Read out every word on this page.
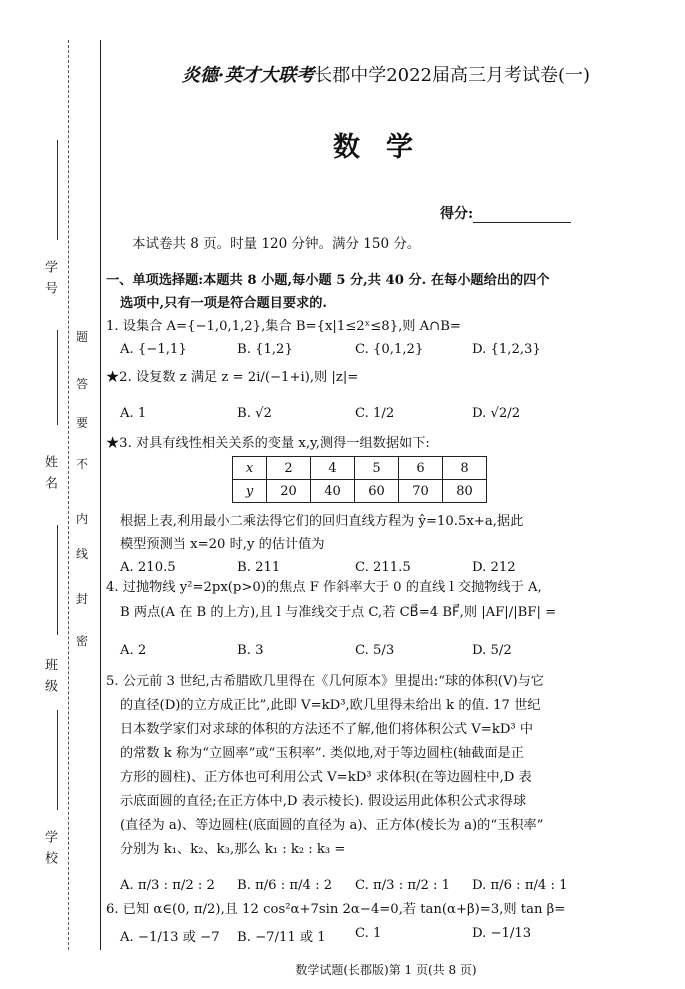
学 号
姓 名
班 级
学 校
题
答
要
不
内
线
封
密
炎德·英才大联考长郡中学2022届高三月考试卷(一)
数学
得分:
本试卷共 8 页。时量 120 分钟。满分 150 分。
一、单项选择题:本题共 8 小题,每小题 5 分,共 40 分. 在每小题给出的四个
选项中,只有一项是符合题目要求的.
1. 设集合 A={−1,0,1,2},集合 B={x|1≤2ˣ≤8},则 A∩B=
A. {−1,1}	B. {1,2}	C. {0,1,2}	D. {1,2,3}
★2. 设复数 z 满足 z = 2i/(−1+i),则 |z|=
A. 1	B. √2	C. 1/2	D. √2/2
★3. 对具有线性相关关系的变量 x,y,测得一组数据如下:
x	2	4	5	6	8
y	20	40	60	70	80
根据上表,利用最小二乘法得它们的回归直线方程为 ŷ=10.5x+a,据此
模型预测当 x=20 时,y 的估计值为
A. 210.5	B. 211	C. 211.5	D. 212
4. 过抛物线 y²=2px(p>0)的焦点 F 作斜率大于 0 的直线 l 交抛物线于 A,
B 两点(A 在 B 的上方),且 l 与准线交于点 C,若 CB⃗=4 BF⃗,则 |AF|/|BF| =
A. 2	B. 3	C. 5/3	D. 5/2
5. 公元前 3 世纪,古希腊欧几里得在《几何原本》里提出:“球的体积(V)与它
的直径(D)的立方成正比”,此即 V=kD³,欧几里得未给出 k 的值. 17 世纪
日本数学家们对求球的体积的方法还不了解,他们将体积公式 V=kD³ 中
的常数 k 称为“立圆率”或“玉积率”. 类似地,对于等边圆柱(轴截面是正
方形的圆柱)、正方体也可利用公式 V=kD³ 求体积(在等边圆柱中,D 表
示底面圆的直径;在正方体中,D 表示棱长). 假设运用此体积公式求得球
(直径为 a)、等边圆柱(底面圆的直径为 a)、正方体(棱长为 a)的“玉积率”
分别为 k₁、k₂、k₃,那么 k₁ : k₂ : k₃ =
A. π/3 : π/2 : 2 B. π/6 : π/4 : 2 C. π/3 : π/2 : 1 D. π/6 : π/4 : 1
6. 已知 α∈(0, π/2),且 12 cos²α+7sin 2α−4=0,若 tan(α+β)=3,则 tan β=
A. −1/13 或 −7 B. −7/11 或 1 C. 1	D. −1/13
数学试题(长郡版)第 1 页(共 8 页)
